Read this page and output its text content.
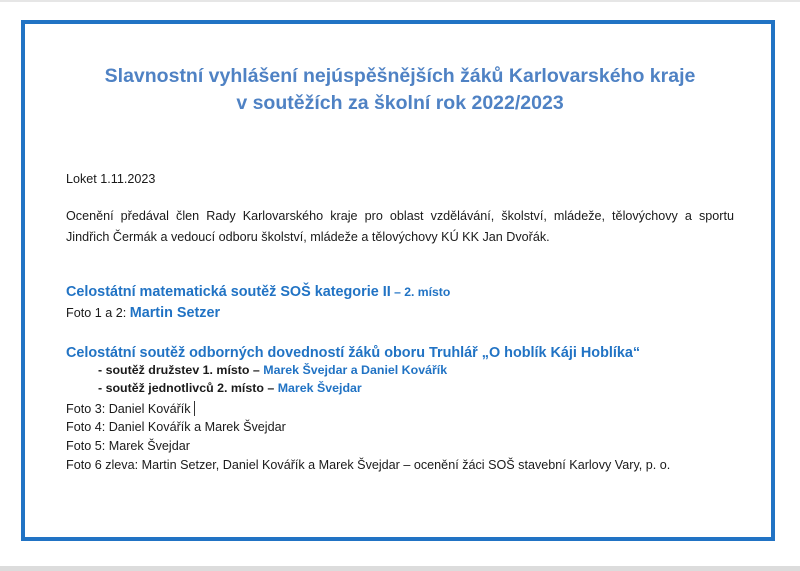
Slavnostní vyhlášení nejúspěšnějších žáků Karlovarského kraje
v soutěžích za školní rok 2022/2023
Loket 1.11.2023
Ocenění předával člen Rady Karlovarského kraje pro oblast vzdělávání, školství, mládeže, tělovýchovy a sportu Jindřich Čermák a vedoucí odboru školství, mládeže a tělovýchovy KÚ KK Jan Dvořák.
Celostátní matematická soutěž SOŠ kategorie II – 2. místo
Foto 1 a 2: Martin Setzer
Celostátní soutěž odborných dovedností žáků oboru Truhlář „O hoblík Káji Hoblíka“
- soutěž družstev 1. místo – Marek Švejdar a Daniel Kovářík
- soutěž jednotlivců 2. místo – Marek Švejdar
Foto 3: Daniel Kovářík
Foto 4: Daniel Kovářík a Marek Švejdar
Foto 5: Marek Švejdar
Foto 6 zleva: Martin Setzer, Daniel Kovářík a Marek Švejdar – ocenění žáci SOŠ stavební Karlovy Vary, p. o.
